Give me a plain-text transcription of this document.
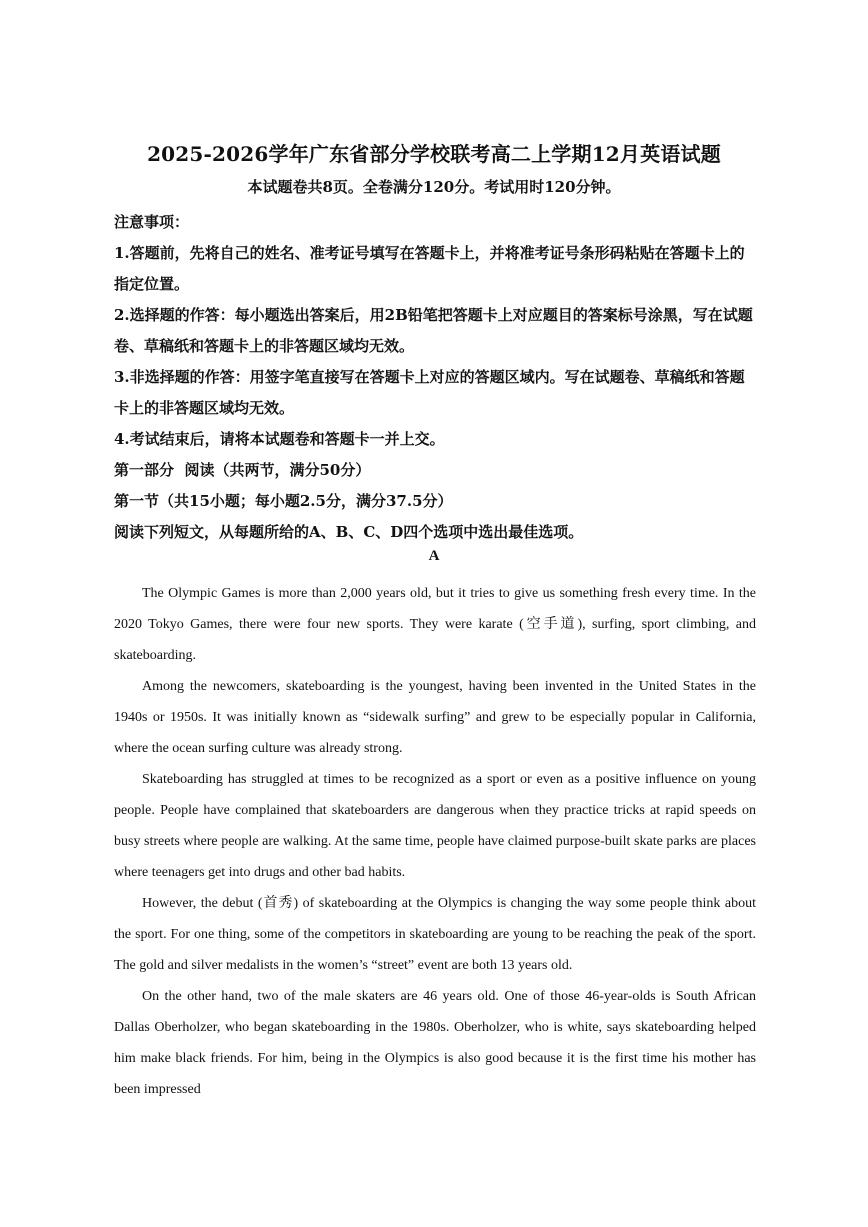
2025-2026学年广东省部分学校联考高二上学期12月英语试题
本试题卷共8页。全卷满分120分。考试用时120分钟。

注意事项：

1.答题前，先将自己的姓名、准考证号填写在答题卡上，并将准考证号条形码粘贴在答题卡上的指定位置。

2.选择题的作答：每小题选出答案后，用2B铅笔把答题卡上对应题目的答案标号涂黑，写在试题卷、草稿纸和答题卡上的非答题区域均无效。

3.非选择题的作答：用签字笔直接写在答题卡上对应的答题区域内。写在试题卷、草稿纸和答题卡上的非答题区域均无效。

4.考试结束后，请将本试题卷和答题卡一并上交。

第一部分  阅读（共两节，满分50分）

第一节（共15小题；每小题2.5分，满分37.5分）

阅读下列短文，从每题所给的A、B、C、D四个选项中选出最佳选项。

A

The Olympic Games is more than 2,000 years old, but it tries to give us something fresh every time. In the 2020 Tokyo Games, there were four new sports. They were karate (空手道), surfing, sport climbing, and skateboarding.

Among the newcomers, skateboarding is the youngest, having been invented in the United States in the 1940s or 1950s. It was initially known as “sidewalk surfing” and grew to be especially popular in California, where the ocean surfing culture was already strong.

Skateboarding has struggled at times to be recognized as a sport or even as a positive influence on young people. People have complained that skateboarders are dangerous when they practice tricks at rapid speeds on busy streets where people are walking. At the same time, people have claimed purpose-built skate parks are places where teenagers get into drugs and other bad habits.

However, the debut (首秀) of skateboarding at the Olympics is changing the way some people think about the sport. For one thing, some of the competitors in skateboarding are young to be reaching the peak of the sport. The gold and silver medalists in the women’s “street” event are both 13 years old.

On the other hand, two of the male skaters are 46 years old. One of those 46-year-olds is South African Dallas Oberholzer, who began skateboarding in the 1980s. Oberholzer, who is white, says skateboarding helped him make black friends. For him, being in the Olympics is also good because it is the first time his mother has been impressed
